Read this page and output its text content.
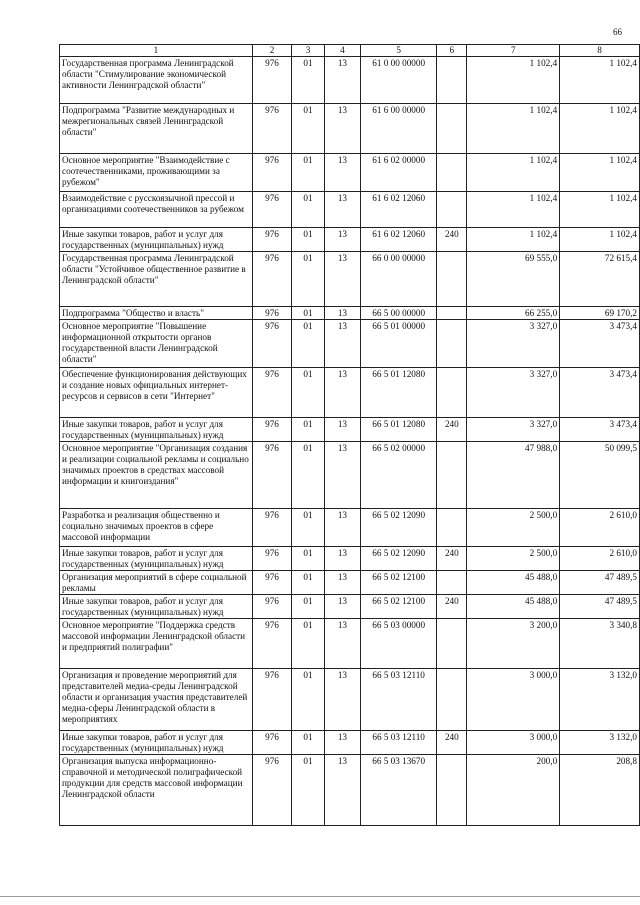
66
1	2	3	4	5	6	7	8
Государственная программа Ленинградской области "Стимулирование экономической активности Ленинградской области"	976	01	13	61 0 00 00000		1 102,4	1 102,4
Подпрограмма "Развитие международных и межрегиональных связей Ленинградской области"	976	01	13	61 6 00 00000		1 102,4	1 102,4
Основное мероприятие "Взаимодействие с соотечественниками, проживающими за рубежом"	976	01	13	61 6 02 00000		1 102,4	1 102,4
Взаимодействие с русскоязычной прессой и организациями соотечественников за рубежом	976	01	13	61 6 02 12060		1 102,4	1 102,4
Иные закупки товаров, работ и услуг для государственных (муниципальных) нужд	976	01	13	61 6 02 12060	240	1 102,4	1 102,4
Государственная программа Ленинградской области "Устойчивое общественное развитие в Ленинградской области"	976	01	13	66 0 00 00000		69 555,0	72 615,4
Подпрограмма "Общество и власть"	976	01	13	66 5 00 00000		66 255,0	69 170,2
Основное мероприятие "Повышение информационной открытости органов государственной власти Ленинградской области"	976	01	13	66 5 01 00000		3 327,0	3 473,4
Обеспечение функционирования действующих и создание новых официальных интернет-ресурсов и сервисов в сети "Интернет"	976	01	13	66 5 01 12080		3 327,0	3 473,4
Иные закупки товаров, работ и услуг для государственных (муниципальных) нужд	976	01	13	66 5 01 12080	240	3 327,0	3 473,4
Основное мероприятие "Организация создания и реализации социальной рекламы и социально значимых проектов в средствах массовой информации и книгоиздания"	976	01	13	66 5 02 00000		47 988,0	50 099,5
Разработка и реализация общественно и социально значимых проектов в сфере массовой информации	976	01	13	66 5 02 12090		2 500,0	2 610,0
Иные закупки товаров, работ и услуг для государственных (муниципальных) нужд	976	01	13	66 5 02 12090	240	2 500,0	2 610,0
Организация мероприятий в сфере социальной рекламы	976	01	13	66 5 02 12100		45 488,0	47 489,5
Иные закупки товаров, работ и услуг для государственных (муниципальных) нужд	976	01	13	66 5 02 12100	240	45 488,0	47 489,5
Основное мероприятие "Поддержка средств массовой информации Ленинградской области и предприятий полиграфии"	976	01	13	66 5 03 00000		3 200,0	3 340,8
Организация и проведение мероприятий для представителей медиа-среды Ленинградской области и организация участия представителей медиа-сферы Ленинградской области в мероприятиях	976	01	13	66 5 03 12110		3 000,0	3 132,0
Иные закупки товаров, работ и услуг для государственных (муниципальных) нужд	976	01	13	66 5 03 12110	240	3 000,0	3 132,0
Организация выпуска информационно-справочной и методической полиграфической продукции для средств массовой информации Ленинградской области	976	01	13	66 5 03 13670		200,0	208,8
